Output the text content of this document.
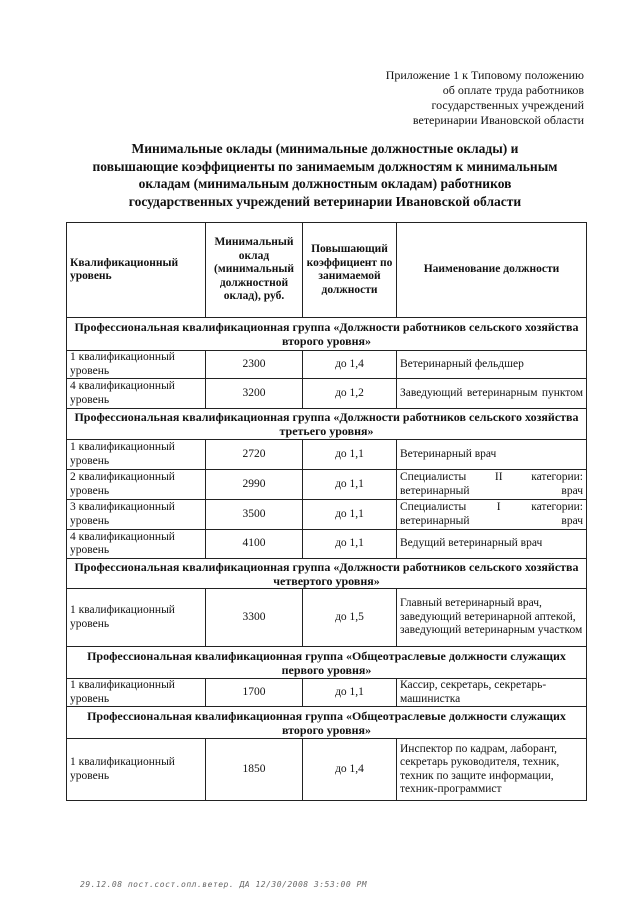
Приложение 1 к Типовому положению
об оплате труда работников
государственных учреждений
ветеринарии Ивановской области
Минимальные оклады (минимальные должностные оклады) и
повышающие коэффициенты по занимаемым должностям к минимальным
окладам (минимальным должностным окладам) работников
государственных учреждений ветеринарии Ивановской области
Квалификационный уровень	Минимальный оклад (минимальный должностной оклад), руб.	Повышающий коэффициент по занимаемой должности	Наименование должности
Профессиональная квалификационная группа «Должности работников сельского хозяйства второго уровня»			
1 квалификационный уровень	2300	до 1,4	Ветеринарный фельдшер
4 квалификационный уровень	3200	до 1,2	Заведующий ветеринарным пунктом
Профессиональная квалификационная группа «Должности работников сельского хозяйства третьего уровня»			
1 квалификационный уровень	2720	до 1,1	Ветеринарный врач
2 квалификационный уровень	2990	до 1,1	Специалисты II категории: ветеринарный врач
3 квалификационный уровень	3500	до 1,1	Специалисты I категории: ветеринарный врач
4 квалификационный уровень	4100	до 1,1	Ведущий ветеринарный врач
Профессиональная квалификационная группа «Должности работников сельского хозяйства четвертого уровня»			
1 квалификационный уровень	3300	до 1,5	Главный ветеринарный врач, заведующий ветеринарной аптекой, заведующий ветеринарным участком
Профессиональная квалификационная группа «Общеотраслевые должности служащих первого уровня»			
1 квалификационный уровень	1700	до 1,1	Кассир, секретарь, секретарь-машинистка
Профессиональная квалификационная группа «Общеотраслевые должности служащих второго уровня»			
1 квалификационный уровень	1850	до 1,4	Инспектор по кадрам, лаборант, секретарь руководителя, техник, техник по защите информации, техник-программист
29.12.08 пост.сост.опл.ветер. ДА 12/30/2008 3:53:00 PM
